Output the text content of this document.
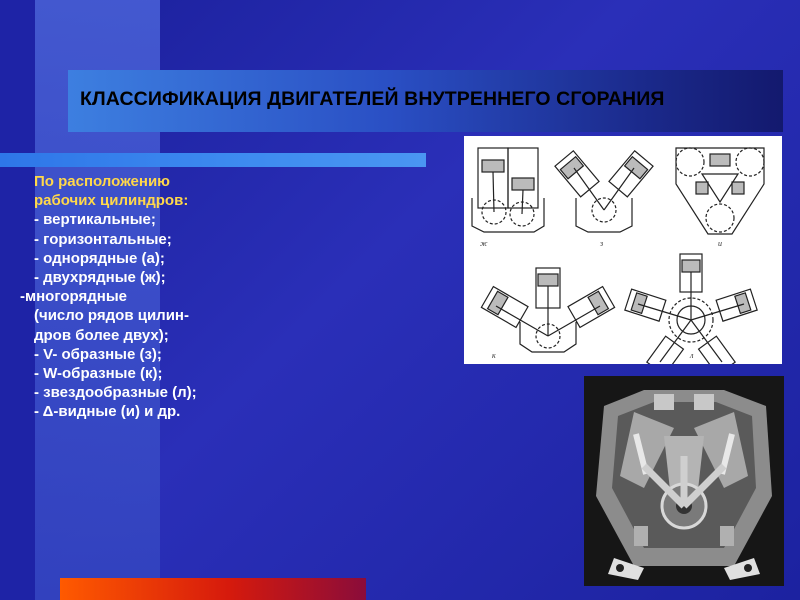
КЛАССИФИКАЦИЯ ДВИГАТЕЛЕЙ ВНУТРЕННЕГО СГОРАНИЯ
По расположению
рабочих цилиндров:
- вертикальные;
- горизонтальные;
- однорядные (а);
- двухрядные (ж);
-многорядные
(число рядов цилин-
дров более двух);
- V- образные (з);
- W-образные (к);
- звездообразные (л);
- Δ-видные (и) и др.
ж	з	и
к	л
